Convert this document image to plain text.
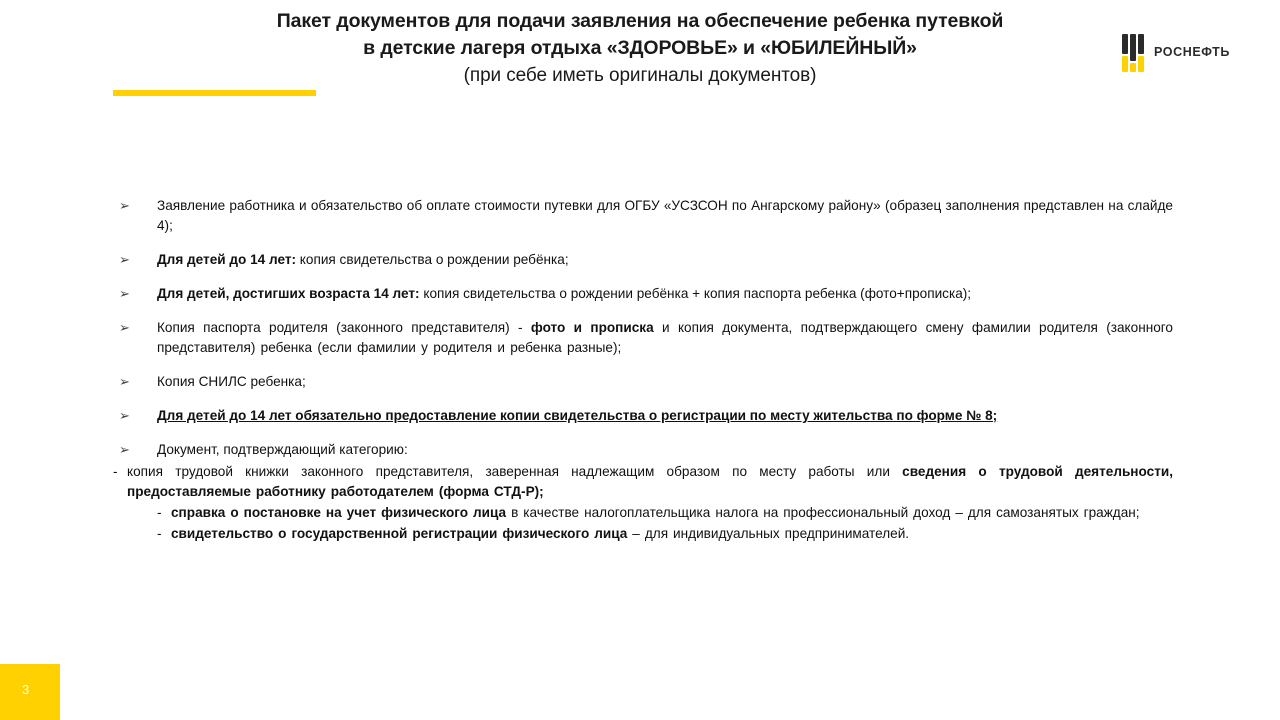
Пакет документов для подачи заявления на обеспечение ребенка путевкой
в детские лагеря отдыха «ЗДОРОВЬЕ» и «ЮБИЛЕЙНЫЙ»
(при себе иметь оригиналы документов)
РОСНЕФТЬ
➢	Заявление работника и обязательство об оплате стоимости путевки для ОГБУ «УСЗСОН по Ангарскому району» (образец заполнения представлен на слайде 4);
➢	Для детей до 14 лет: копия свидетельства о рождении ребёнка;
➢	Для детей, достигших возраста 14 лет: копия свидетельства о рождении ребёнка + копия паспорта ребенка (фото+прописка);
➢	Копия паспорта родителя (законного представителя) - фото и прописка и копия документа, подтверждающего смену фамилии родителя (законного представителя) ребенка (если фамилии у родителя и ребенка разные);
➢	Копия СНИЛС ребенка;
➢	Для детей до 14 лет обязательно предоставление копии свидетельства о регистрации по месту жительства по форме № 8;
➢	Документ, подтверждающий категорию:
- копия трудовой книжки законного представителя, заверенная надлежащим образом по месту работы или сведения о трудовой деятельности, предоставляемые работнику работодателем (форма СТД-Р);
- справка о постановке на учет физического лица в качестве налогоплательщика налога на профессиональный доход – для самозанятых граждан;
- свидетельство о государственной регистрации физического лица – для индивидуальных предпринимателей.
3
